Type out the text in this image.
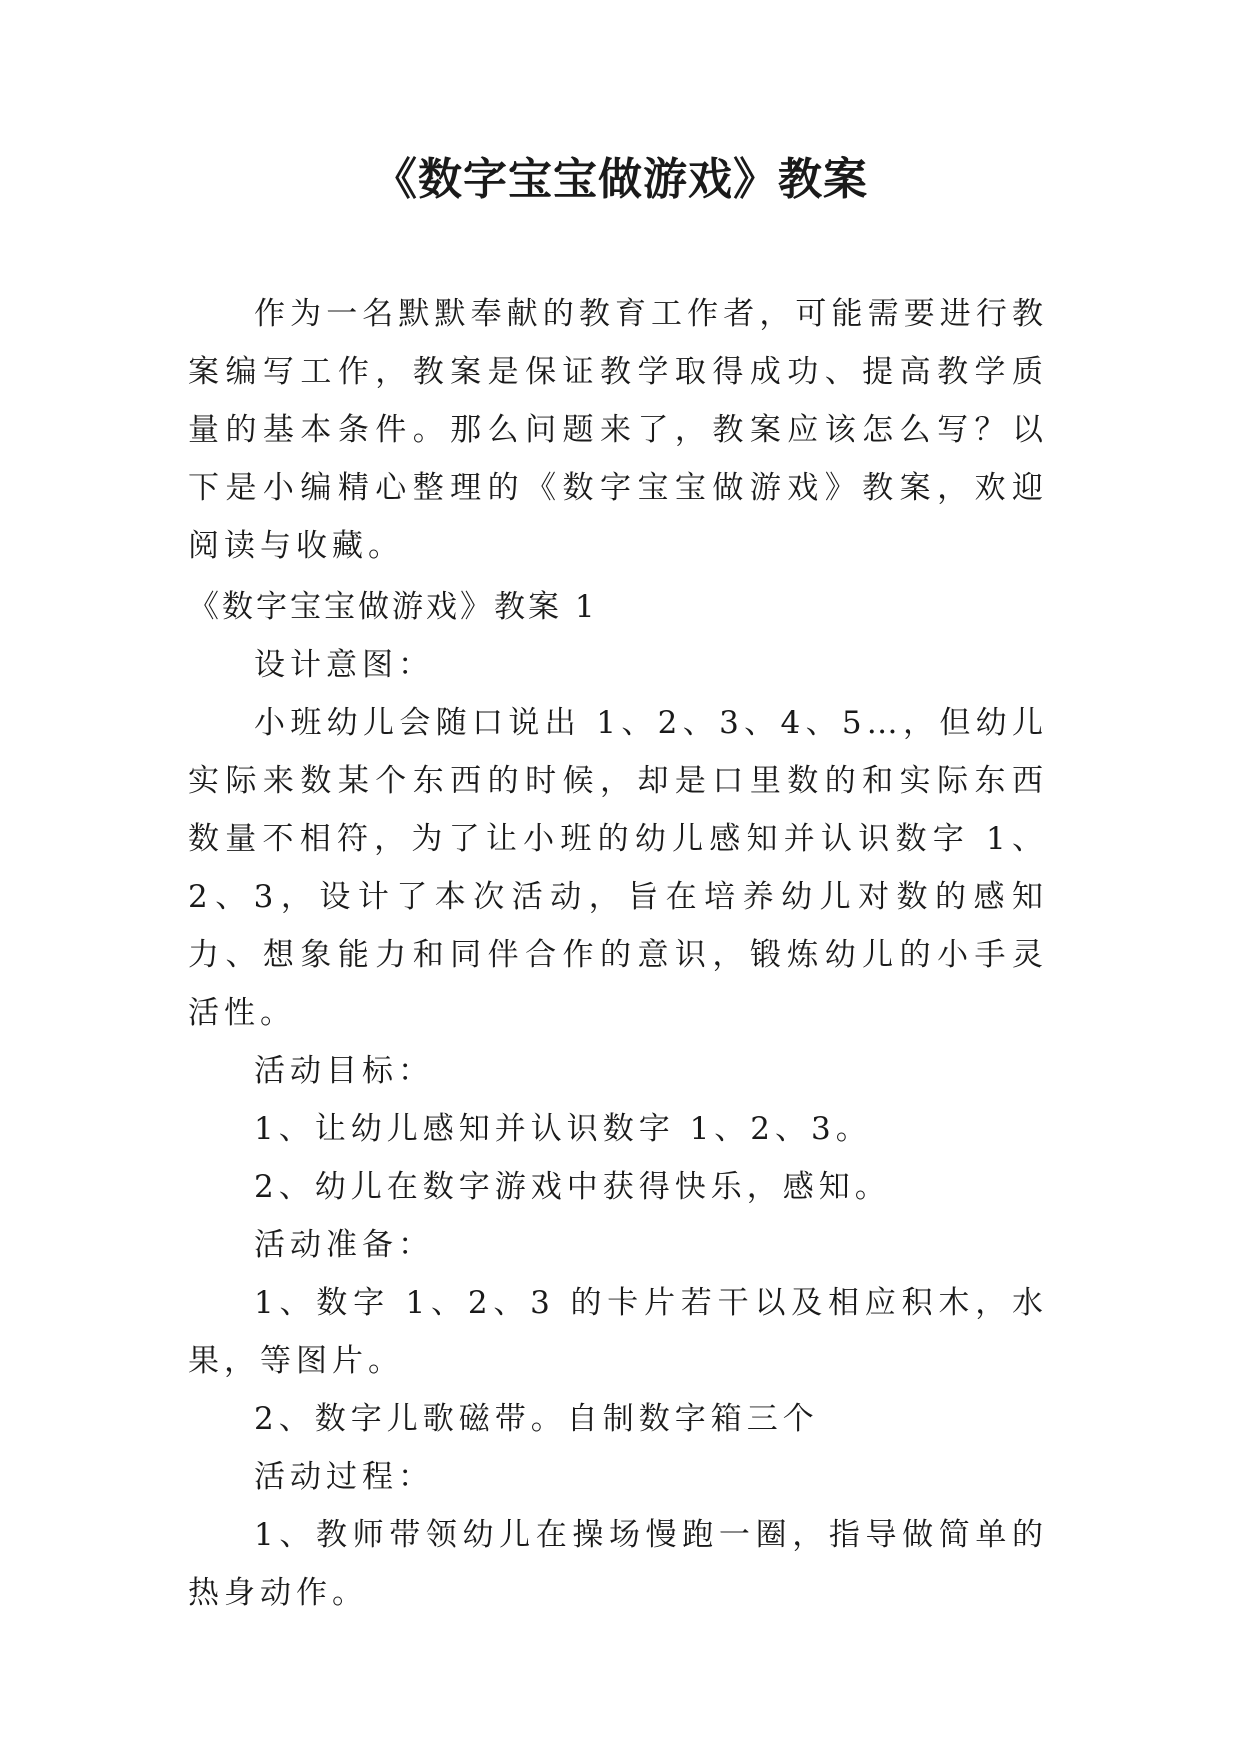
《数字宝宝做游戏》教案

作为一名默默奉献的教育工作者，可能需要进行教案编写工作，教案是保证教学取得成功、提高教学质量的基本条件。那么问题来了，教案应该怎么写？以下是小编精心整理的《数字宝宝做游戏》教案，欢迎阅读与收藏。

《数字宝宝做游戏》教案 1

设计意图：

小班幼儿会随口说出 1、2、3、4、5…，但幼儿实际来数某个东西的时候，却是口里数的和实际东西数量不相符，为了让小班的幼儿感知并认识数字 1、2、3，设计了本次活动，旨在培养幼儿对数的感知力、想象能力和同伴合作的意识，锻炼幼儿的小手灵活性。

活动目标：

1、让幼儿感知并认识数字 1、2、3。

2、幼儿在数字游戏中获得快乐，感知。

活动准备：

1、数字 1、2、3 的卡片若干以及相应积木，水果，等图片。

2、数字儿歌磁带。自制数字箱三个

活动过程：

1、教师带领幼儿在操场慢跑一圈，指导做简单的热身动作。
